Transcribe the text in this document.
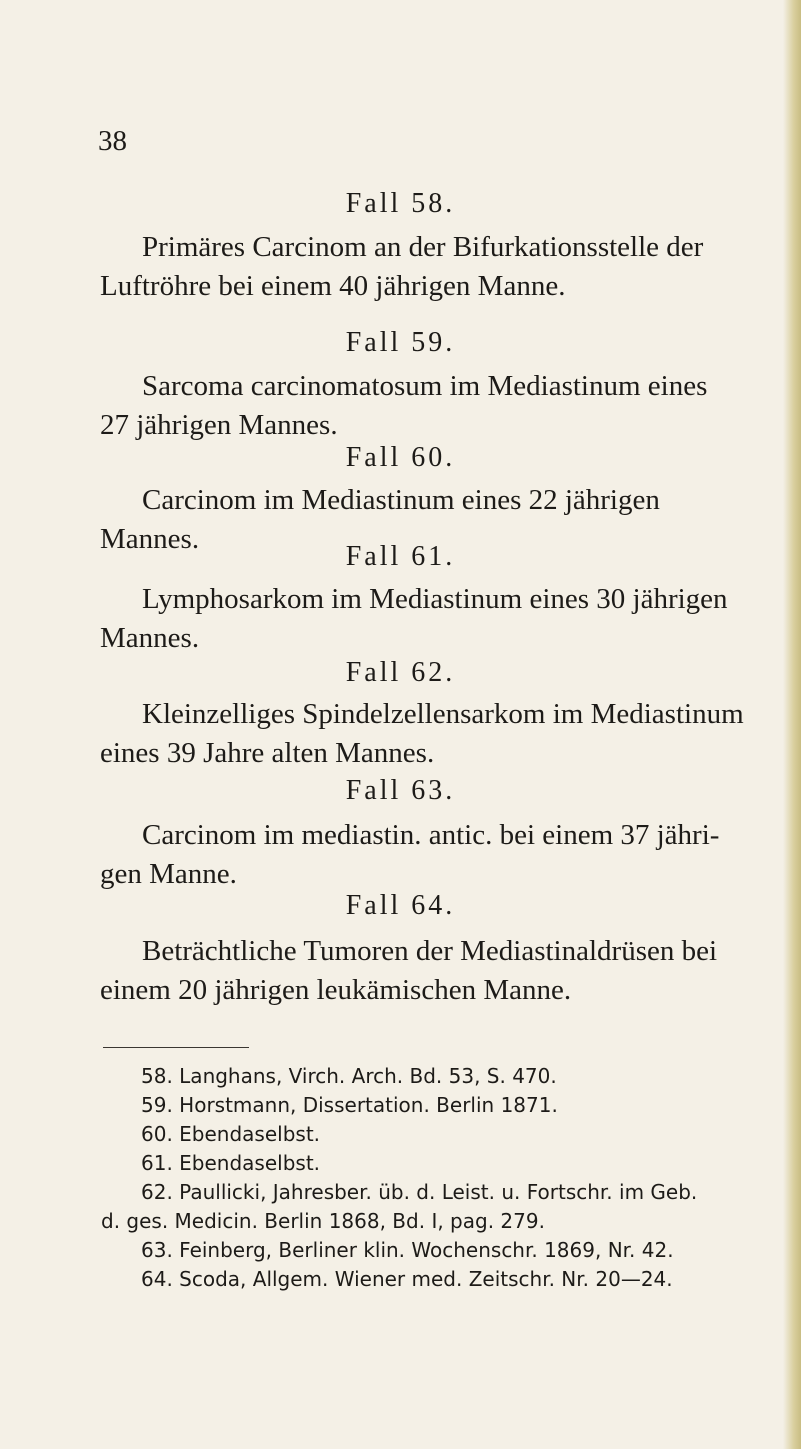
38
Fall 58.
Primäres Carcinom an der Bifurkationsstelle der
Luftröhre bei einem 40 jährigen Manne.
Fall 59.
Sarcoma carcinomatosum im Mediastinum eines
27 jährigen Mannes.
Fall 60.
Carcinom im Mediastinum eines 22 jährigen Mannes.
Fall 61.
Lymphosarkom im Mediastinum eines 30 jährigen
Mannes.
Fall 62.
Kleinzelliges Spindelzellensarkom im Mediastinum
eines 39 Jahre alten Mannes.
Fall 63.
Carcinom im mediastin. antic. bei einem 37 jähri-
gen Manne.
Fall 64.
Beträchtliche Tumoren der Mediastinaldrüsen bei
einem 20 jährigen leukämischen Manne.
58. Langhans, Virch. Arch. Bd. 53, S. 470.
59. Horstmann, Dissertation. Berlin 1871.
60. Ebendaselbst.
61. Ebendaselbst.
62. Paullicki, Jahresber. üb. d. Leist. u. Fortschr. im Geb.
d. ges. Medicin. Berlin 1868, Bd. I, pag. 279.
63. Feinberg, Berliner klin. Wochenschr. 1869, Nr. 42.
64. Scoda, Allgem. Wiener med. Zeitschr. Nr. 20—24.
